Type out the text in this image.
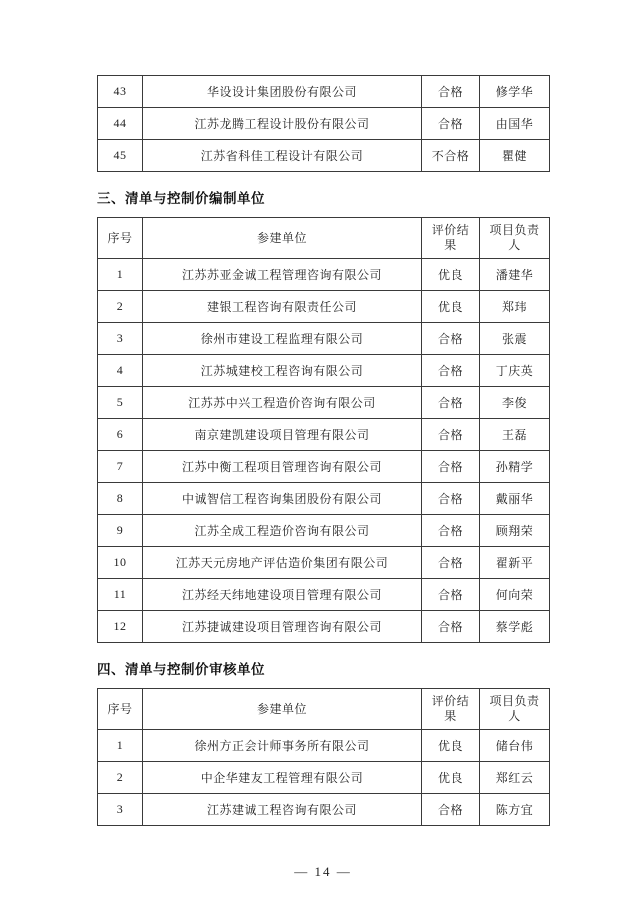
43	华设设计集团股份有限公司	合格	修学华
44	江苏龙腾工程设计股份有限公司	合格	由国华
45	江苏省科佳工程设计有限公司	不合格	瞿健
三、清单与控制价编制单位
序号	参建单位	评价结果	项目负责人
1	江苏苏亚金诚工程管理咨询有限公司	优良	潘建华
2	建银工程咨询有限责任公司	优良	郑玮
3	徐州市建设工程监理有限公司	合格	张震
4	江苏城建校工程咨询有限公司	合格	丁庆英
5	江苏苏中兴工程造价咨询有限公司	合格	李俊
6	南京建凯建设项目管理有限公司	合格	王磊
7	江苏中衡工程项目管理咨询有限公司	合格	孙精学
8	中诚智信工程咨询集团股份有限公司	合格	戴丽华
9	江苏全成工程造价咨询有限公司	合格	顾翔荣
10	江苏天元房地产评估造价集团有限公司	合格	翟新平
11	江苏经天纬地建设项目管理有限公司	合格	何向荣
12	江苏捷诚建设项目管理咨询有限公司	合格	蔡学彪
四、清单与控制价审核单位
序号	参建单位	评价结果	项目负责人
1	徐州方正会计师事务所有限公司	优良	储台伟
2	中企华建友工程管理有限公司	优良	郑红云
3	江苏建诚工程咨询有限公司	合格	陈方宜
— 14 —
